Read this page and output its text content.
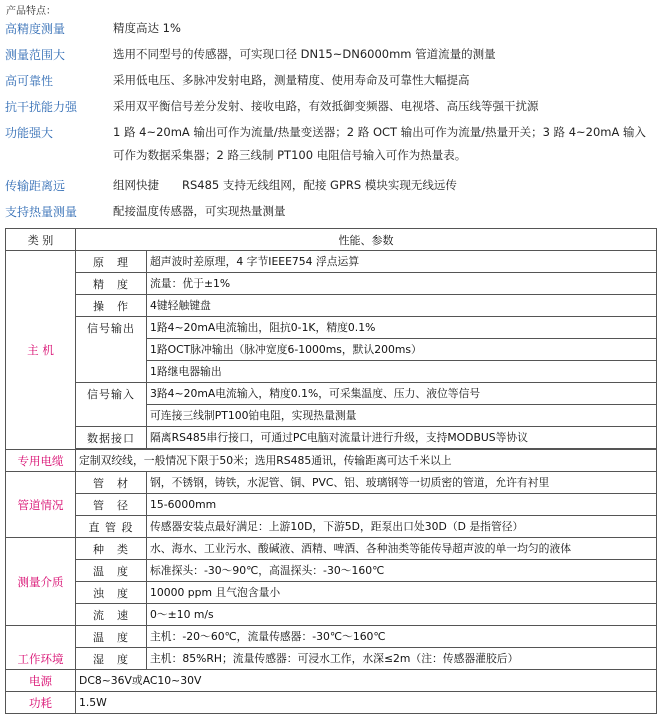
产品特点：
高精度测量	精度高达 1%
测量范围大	选用不同型号的传感器，可实现口径 DN15~DN6000mm 管道流量的测量
高可靠性	采用低电压、多脉冲发射电路，测量精度、使用寿命及可靠性大幅提高
抗干扰能力强	采用双平衡信号差分发射、接收电路，有效抵御变频器、电视塔、高压线等强干扰源
功能强大	1 路 4~20mA 输出可作为流量/热量变送器；2 路 OCT 输出可作为流量/热量开关；3 路 4~20mA 输入可作为数据采集器；2 路三线制 PT100 电阻信号输入可作为热量表。
传输距离远	组网快捷　　RS485 支持无线组网，配接 GPRS 模块实现无线远传
支持热量测量	配接温度传感器，可实现热量测量
类 别	性能、参数	
主 机	原　理	超声波时差原理，4 字节IEEE754 浮点运算
	精　度	流量：优于±1%
	操　作	4键轻触键盘
	信号输出	1路4~20mA电流输出，阻抗0-1K，精度0.1%
		1路OCT脉冲输出（脉冲宽度6-1000ms，默认200ms）
		1路继电器输出
	信号输入	3路4~20mA电流输入，精度0.1%，可采集温度、压力、液位等信号
		可连接三线制PT100铂电阻，实现热量测量
	数据接口	隔离RS485串行接口，可通过PC电脑对流量计进行升级，支持MODBUS等协议

专用电缆	定制双绞线，一般情况下限于50米；选用RS485通讯，传输距离可达千米以上	
管道情况	管　材	钢，不锈钢，铸铁，水泥管、铜、PVC、铝、玻璃钢等一切质密的管道，允许有衬里
	管　径	15-6000mm
	直 管 段	传感器安装点最好满足：上游10D，下游5D，距泵出口处30D（D 是指管径）
测量介质	种　类	水、海水、工业污水、酸碱液、酒精、啤酒、各种油类等能传导超声波的单一均匀的液体
	温　度	标准探头：-30～90℃，高温探头：-30～160℃
	浊　度	10000 ppm 且气泡含量小
	流　速	0～±10 m/s
工作环境	温　度	主机：-20～60℃，流量传感器：-30℃～160℃
	湿　度	主机：85%RH；流量传感器：可浸水工作，水深≤2m（注：传感器灌胶后）
电源	DC8~36V或AC10~30V	
功耗	1.5W	
